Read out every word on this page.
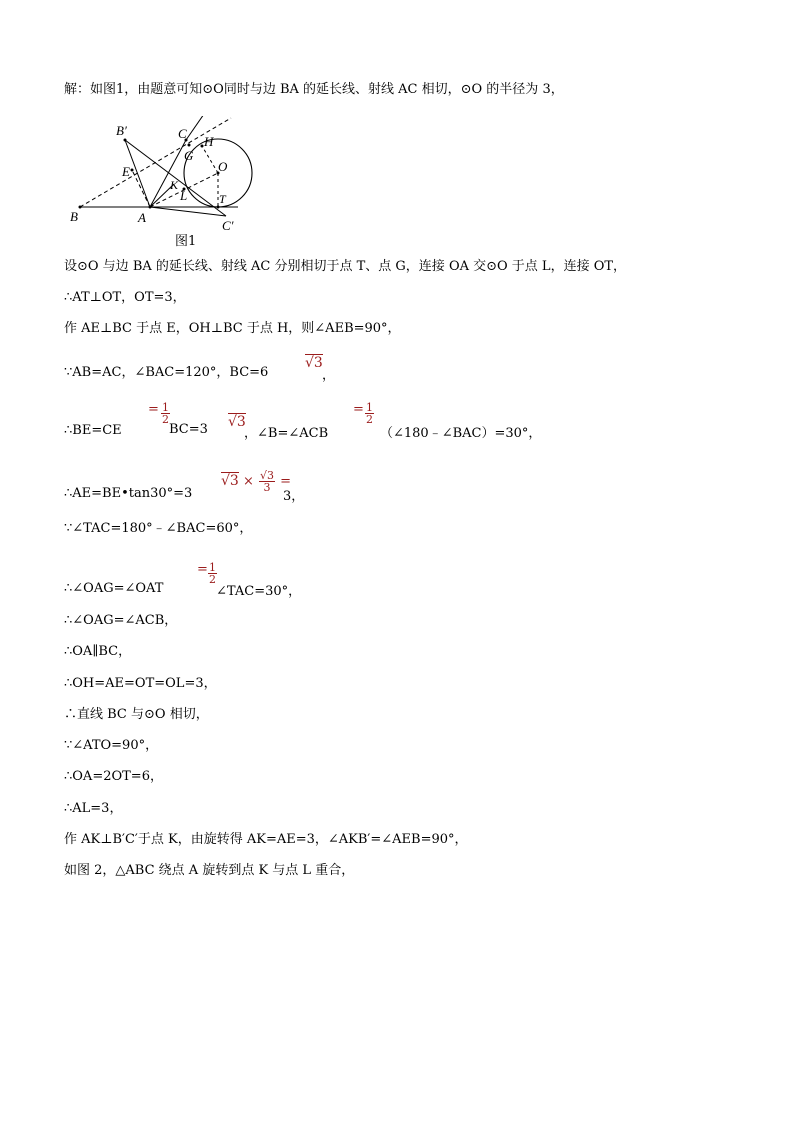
解：如图1，由题意可知⊙O同时与边 BA 的延长线、射线 AC 相切，⊙O 的半径为 3，
B	A
B′	C
C′
E
G
H
O
K
L	T
图1
设⊙O 与边 BA 的延长线、射线 AC 分别相切于点 T、点 G，连接 OA 交⊙O 于点 L，连接 OT，
∴AT⊥OT，OT=3，
作 AE⊥BC 于点 E，OH⊥BC 于点 H，则∠AEB=90°，
∵AB=AC，∠BAC=120°，BC=6
√3
，
∴BE=CE
= $\frac{1}{2}$
BC=3 √3
，∠B=∠ACB
= $\frac{1}{2}$
（∠180﹣∠BAC）=30°，
∴AE=BE•tan30°=3
$√3 \times \frac{√3}{3}$ =
3，
∵∠TAC=180°﹣∠BAC=60°，
∴∠OAG=∠OAT
= $\frac{1}{2}$
∠TAC=30°，
∴∠OAG=∠ACB，
∴OA∥BC，
∴OH=AE=OT=OL=3，
∴直线 BC 与⊙O 相切，
∵∠ATO=90°，
∴OA=2OT=6，
∴AL=3，
作 AK⊥B′C′于点 K，由旋转得 AK=AE=3，∠AKB′=∠AEB=90°，
如图 2，△ABC 绕点 A 旋转到点 K 与点 L 重合，
